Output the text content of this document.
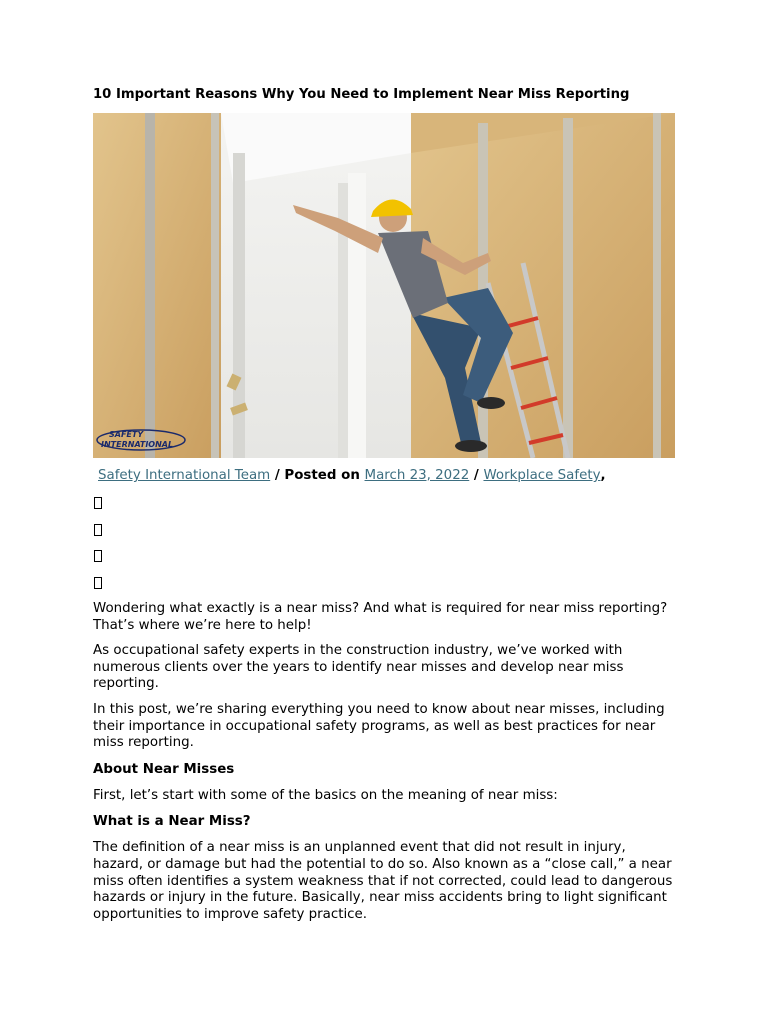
10 Important Reasons Why You Need to Implement Near Miss Reporting
SAFETY
INTERNATIONAL
Safety International Team / Posted on March 23, 2022 / Workplace Safety,

Wondering what exactly is a near miss? And what is required for near miss reporting? That’s where we’re here to help!

As occupational safety experts in the construction industry, we’ve worked with numerous clients over the years to identify near misses and develop near miss reporting.

In this post, we’re sharing everything you need to know about near misses, including their importance in occupational safety programs, as well as best practices for near miss reporting.

About Near Misses

First, let’s start with some of the basics on the meaning of near miss:

What is a Near Miss?

The definition of a near miss is an unplanned event that did not result in injury, hazard, or damage but had the potential to do so. Also known as a “close call,” a near miss often identifies a system weakness that if not corrected, could lead to dangerous hazards or injury in the future. Basically, near miss accidents bring to light significant opportunities to improve safety practice.
